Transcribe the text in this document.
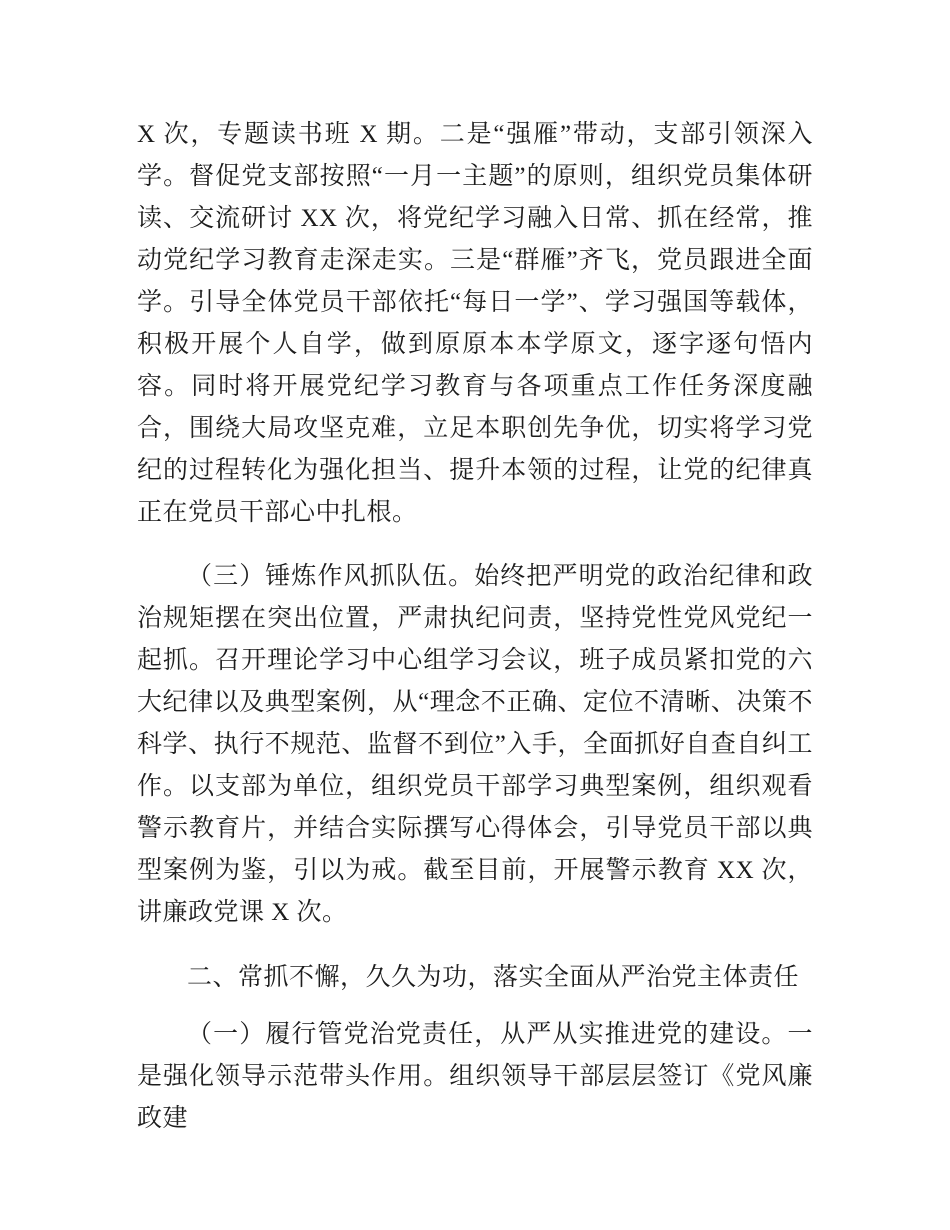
X 次，专题读书班 X 期。二是“强雁”带动，支部引领深入学。督促党支部按照“一月一主题”的原则，组织党员集体研读、交流研讨 XX 次，将党纪学习融入日常、抓在经常，推动党纪学习教育走深走实。三是“群雁”齐飞，党员跟进全面学。引导全体党员干部依托“每日一学”、学习强国等载体，积极开展个人自学，做到原原本本学原文，逐字逐句悟内容。同时将开展党纪学习教育与各项重点工作任务深度融合，围绕大局攻坚克难，立足本职创先争优，切实将学习党纪的过程转化为强化担当、提升本领的过程，让党的纪律真正在党员干部心中扎根。

（三）锤炼作风抓队伍。始终把严明党的政治纪律和政治规矩摆在突出位置，严肃执纪问责，坚持党性党风党纪一起抓。召开理论学习中心组学习会议，班子成员紧扣党的六大纪律以及典型案例，从“理念不正确、定位不清晰、决策不科学、执行不规范、监督不到位”入手，全面抓好自查自纠工作。以支部为单位，组织党员干部学习典型案例，组织观看警示教育片，并结合实际撰写心得体会，引导党员干部以典型案例为鉴，引以为戒。截至目前，开展警示教育 XX 次，讲廉政党课 X 次。

二、常抓不懈，久久为功，落实全面从严治党主体责任

（一）履行管党治党责任，从严从实推进党的建设。一是强化领导示范带头作用。组织领导干部层层签订《党风廉政建
